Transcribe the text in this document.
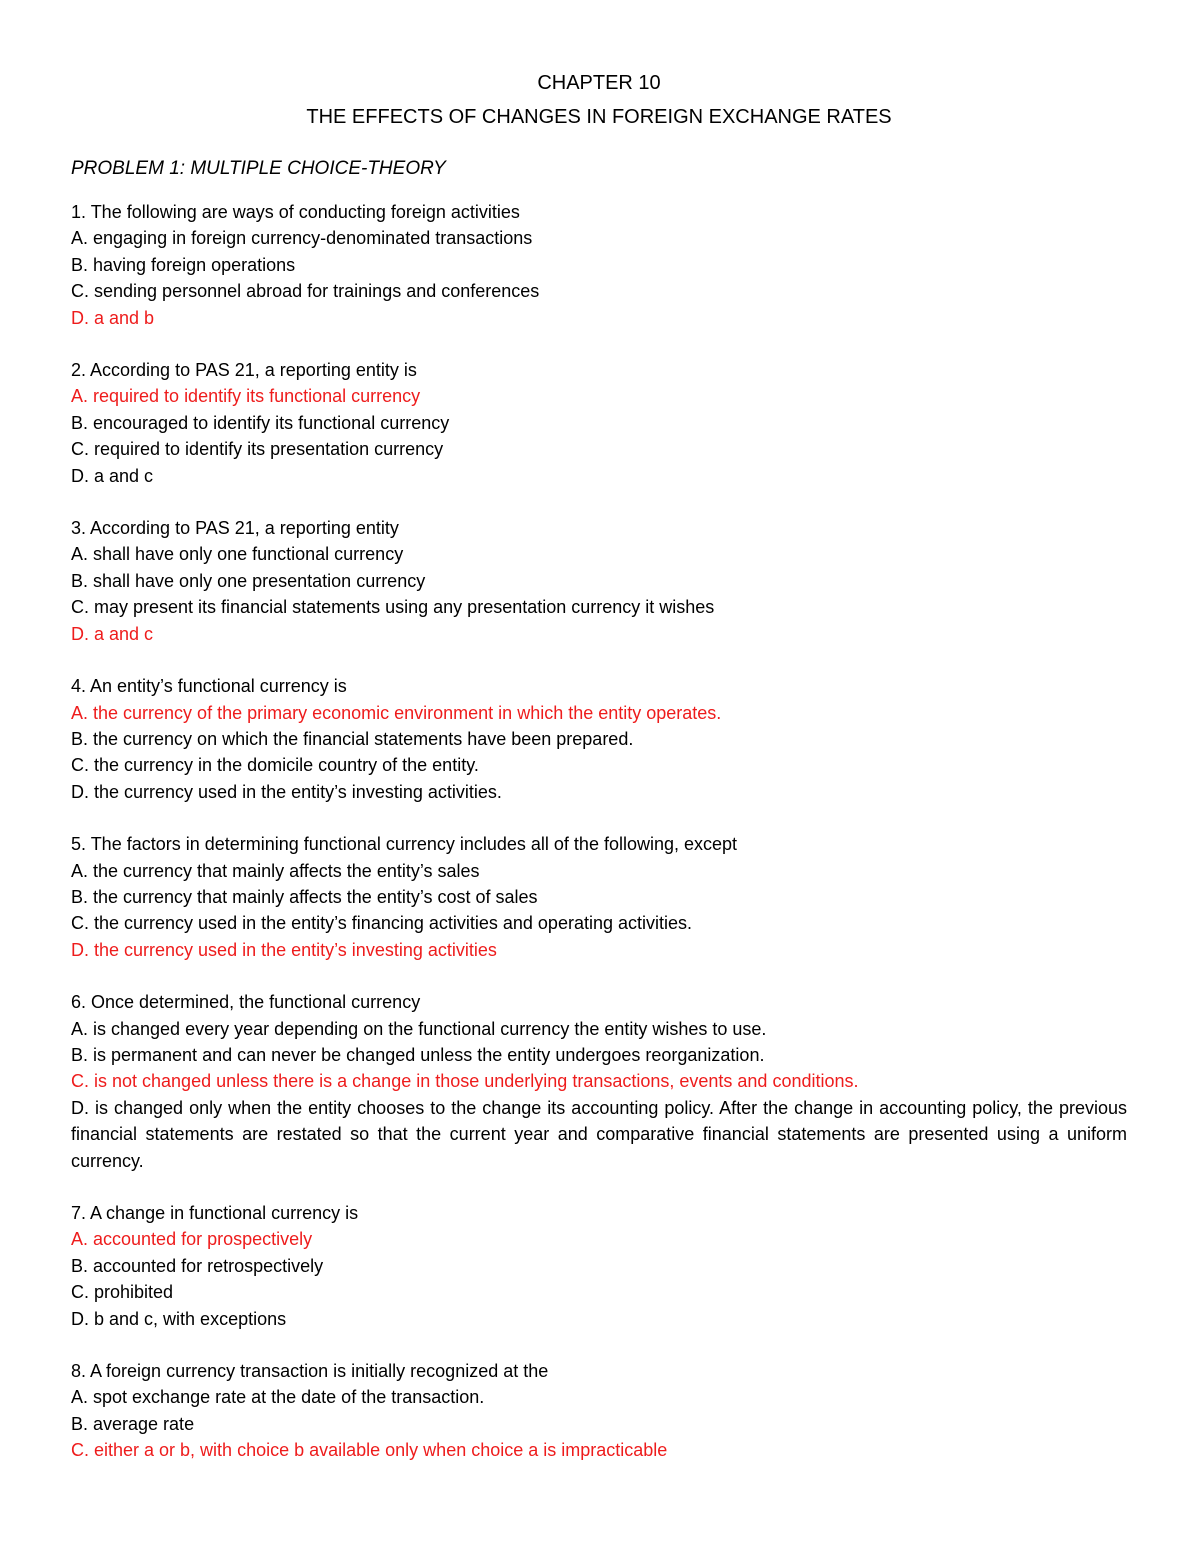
CHAPTER 10
THE EFFECTS OF CHANGES IN FOREIGN EXCHANGE RATES
PROBLEM 1: MULTIPLE CHOICE-THEORY

1. The following are ways of conducting foreign activities

A. engaging in foreign currency-denominated transactions

B. having foreign operations

C. sending personnel abroad for trainings and conferences

D. a and b

2. According to PAS 21, a reporting entity is

A. required to identify its functional currency

B. encouraged to identify its functional currency

C. required to identify its presentation currency

D. a and c

3. According to PAS 21, a reporting entity

A. shall have only one functional currency

B. shall have only one presentation currency

C. may present its financial statements using any presentation currency it wishes

D. a and c

4. An entity’s functional currency is

A. the currency of the primary economic environment in which the entity operates.

B. the currency on which the financial statements have been prepared.

C. the currency in the domicile country of the entity.

D. the currency used in the entity’s investing activities.

5. The factors in determining functional currency includes all of the following, except

A. the currency that mainly affects the entity’s sales

B. the currency that mainly affects the entity’s cost of sales

C. the currency used in the entity’s financing activities and operating activities.

D. the currency used in the entity’s investing activities

6. Once determined, the functional currency

A. is changed every year depending on the functional currency the entity wishes to use.

B. is permanent and can never be changed unless the entity undergoes reorganization.

C. is not changed unless there is a change in those underlying transactions, events and conditions.

D. is changed only when the entity chooses to the change its accounting policy. After the change in accounting policy, the previous financial statements are restated so that the current year and comparative financial statements are presented using a uniform currency.

7. A change in functional currency is

A. accounted for prospectively

B. accounted for retrospectively

C. prohibited

D. b and c, with exceptions

8. A foreign currency transaction is initially recognized at the

A. spot exchange rate at the date of the transaction.

B. average rate

C. either a or b, with choice b available only when choice a is impracticable
